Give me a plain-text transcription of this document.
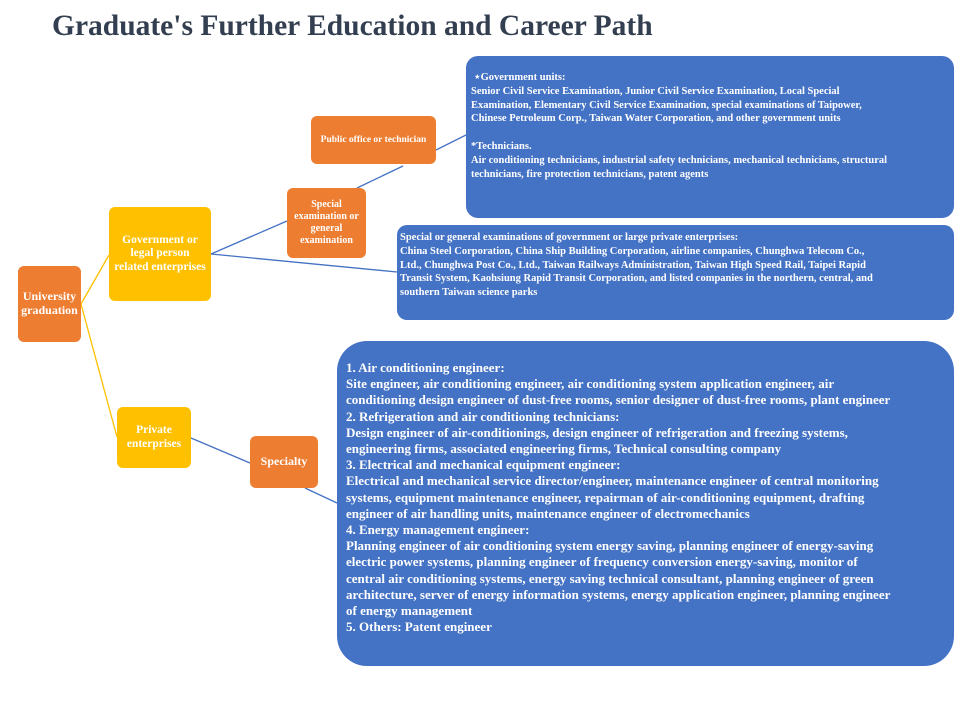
Graduate's Further Education and Career Path
University
graduation
Government or
legal person
related enterprises
Private
enterprises
Special
examination or
general
examination
Public office or technician
Specialty
⋆Government units:
Senior Civil Service Examination, Junior Civil Service Examination, Local Special
Examination, Elementary Civil Service Examination, special examinations of Taipower,
Chinese Petroleum Corp., Taiwan Water Corporation, and other government units
*Technicians.
Air conditioning technicians, industrial safety technicians, mechanical technicians, structural
technicians, fire protection technicians, patent agents
Special or general examinations of government or large private enterprises:
China Steel Corporation, China Ship Building Corporation, airline companies, Chunghwa Telecom Co.,
Ltd., Chunghwa Post Co., Ltd., Taiwan Railways Administration, Taiwan High Speed Rail, Taipei Rapid
Transit System, Kaohsiung Rapid Transit Corporation, and listed companies in the northern, central, and
southern Taiwan science parks
1. Air conditioning engineer:
Site engineer, air conditioning engineer, air conditioning system application engineer, air
conditioning design engineer of dust-free rooms, senior designer of dust-free rooms, plant engineer
2. Refrigeration and air conditioning technicians:
Design engineer of air-conditionings, design engineer of refrigeration and freezing systems,
engineering firms, associated engineering firms, Technical consulting company
3. Electrical and mechanical equipment engineer:
Electrical and mechanical service director/engineer, maintenance engineer of central monitoring
systems, equipment maintenance engineer, repairman of air-conditioning equipment, drafting
engineer of air handling units, maintenance engineer of electromechanics
4. Energy management engineer:
Planning engineer of air conditioning system energy saving, planning engineer of energy-saving
electric power systems, planning engineer of frequency conversion energy-saving, monitor of
central air conditioning systems, energy saving technical consultant, planning engineer of green
architecture, server of energy information systems, energy application engineer, planning engineer
of energy management
5. Others: Patent engineer
